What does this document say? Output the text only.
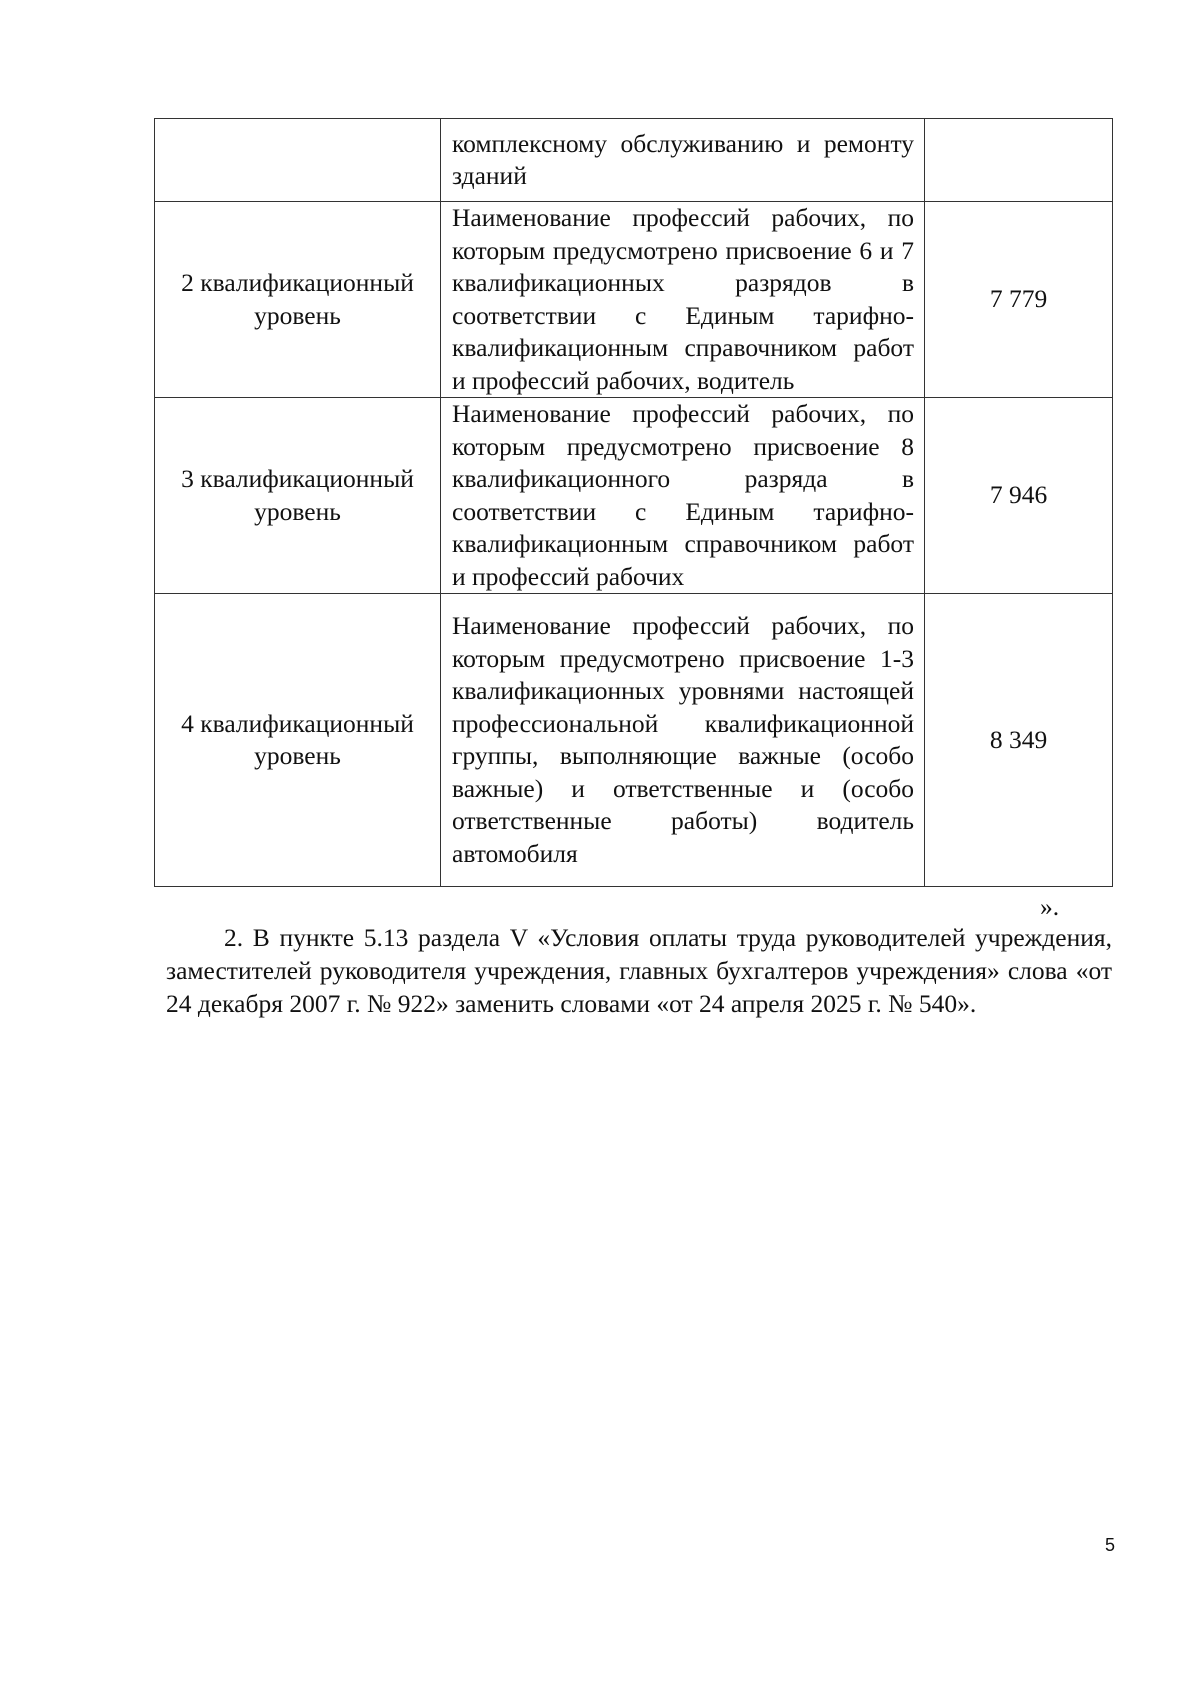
	комплексному обслуживанию и ремонту зданий	
2 квалификационный уровень	Наименование профессий рабочих, по которым предусмотрено присвоение 6 и 7 квалификационных разрядов в соответствии с Единым тарифно-квалификационным справочником работ и профессий рабочих, водитель	7 779
3 квалификационный уровень	Наименование профессий рабочих, по которым предусмотрено присвоение 8 квалификационного разряда в соответствии с Единым тарифно-квалификационным справочником работ и профессий рабочих	7 946
4 квалификационный уровень	Наименование профессий рабочих, по которым предусмотрено присвоение 1-3 квалификационных уровнями настоящей профессиональной квалификационной группы, выполняющие важные (особо важные) и ответственные и (особо ответственные работы) водитель автомобиля	8 349
».

2. В пункте 5.13 раздела V «Условия оплаты труда руководителей учреждения, заместителей руководителя учреждения, главных бухгалтеров учреждения» слова «от 24 декабря 2007 г. № 922» заменить словами «от 24 апреля 2025 г. № 540».

5
